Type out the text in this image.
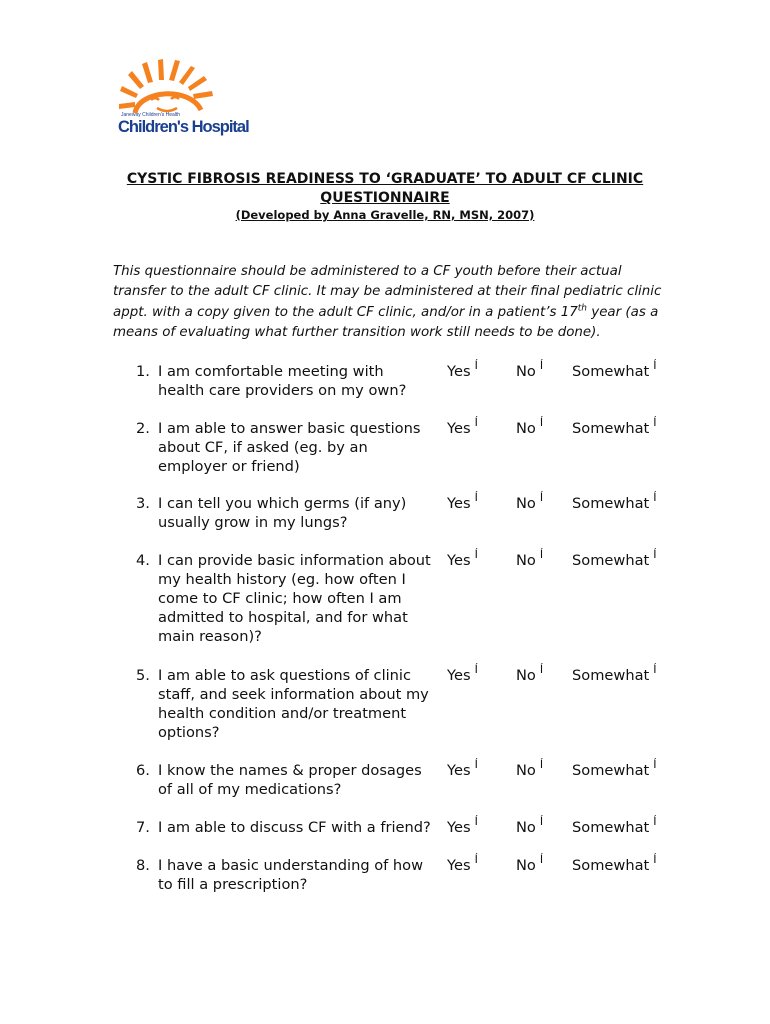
Janeway Children's Health
Children's Hospital
CYSTIC FIBROSIS READINESS TO ‘GRADUATE’ TO ADULT CF CLINIC
QUESTIONNAIRE
(Developed by Anna Gravelle, RN, MSN, 2007)
This questionnaire should be administered to a CF youth before their actual transfer to the adult CF clinic. It may be administered at their final pediatric clinic appt. with a copy given to the adult CF clinic, and/or in a patient’s 17th year (as a means of evaluating what further transition work still needs to be done).
1. I am comfortable meeting with health care providers on my own?
Yes $^Í$	No $^Í$ Somewhat $^Í$
2. I am able to answer basic questions about CF, if asked (eg. by an employer or friend)
Yes $^Í$	No $^Í$ Somewhat $^Í$
3. I can tell you which germs (if any) usually grow in my lungs?
Yes $^Í$	No $^Í$ Somewhat $^Í$
4. I can provide basic information about my health history (eg. how often I come to CF clinic; how often I am admitted to hospital, and for what main reason)?
Yes $^Í$	No $^Í$ Somewhat $^Í$
5. I am able to ask questions of clinic staff, and seek information about my health condition and/or treatment options?
Yes $^Í$	No $^Í$ Somewhat $^Í$
6. I know the names & proper dosages of all of my medications?
Yes $^Í$	No $^Í$ Somewhat $^Í$
7. I am able to discuss CF with a friend? Yes $^Í$	No $^Í$ Somewhat $^Í$
8. I have a basic understanding of how to fill a prescription?
Yes $^Í$	No $^Í$ Somewhat $^Í$
